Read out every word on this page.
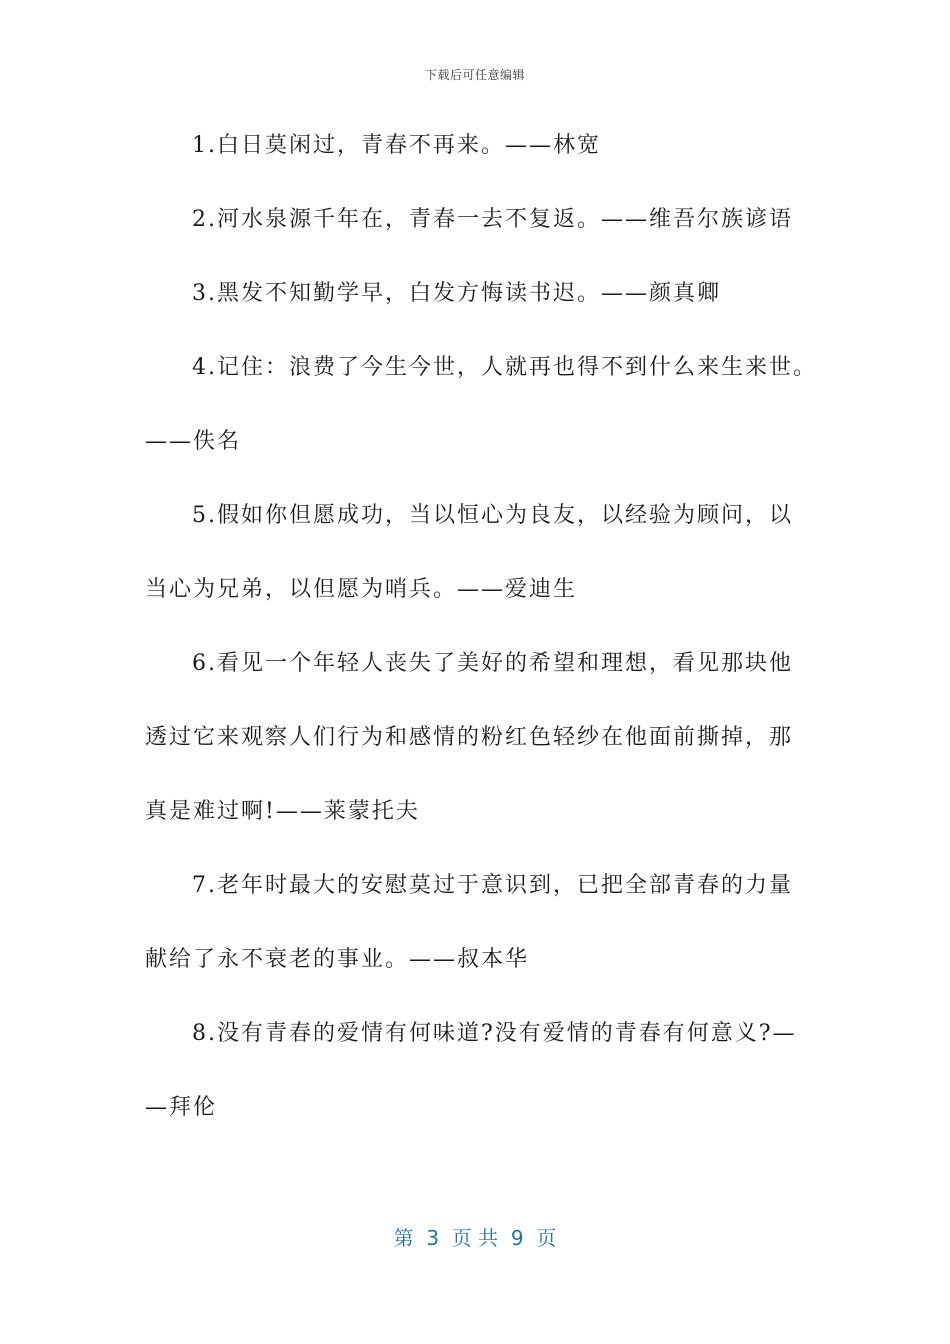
下载后可任意编辑
1.白日莫闲过，青春不再来。——林宽
2.河水泉源千年在，青春一去不复返。——维吾尔族谚语
3.黑发不知勤学早，白发方悔读书迟。——颜真卿
4.记住：浪费了今生今世，人就再也得不到什么来生来世。
——佚名
5.假如你但愿成功，当以恒心为良友，以经验为顾问，以
当心为兄弟，以但愿为哨兵。——爱迪生
6.看见一个年轻人丧失了美好的希望和理想，看见那块他
透过它来观察人们行为和感情的粉红色轻纱在他面前撕掉，那
真是难过啊!——莱蒙托夫
7.老年时最大的安慰莫过于意识到，已把全部青春的力量
献给了永不衰老的事业。——叔本华
8.没有青春的爱情有何味道?没有爱情的青春有何意义?—
—拜伦
第  3  页 共  9  页
